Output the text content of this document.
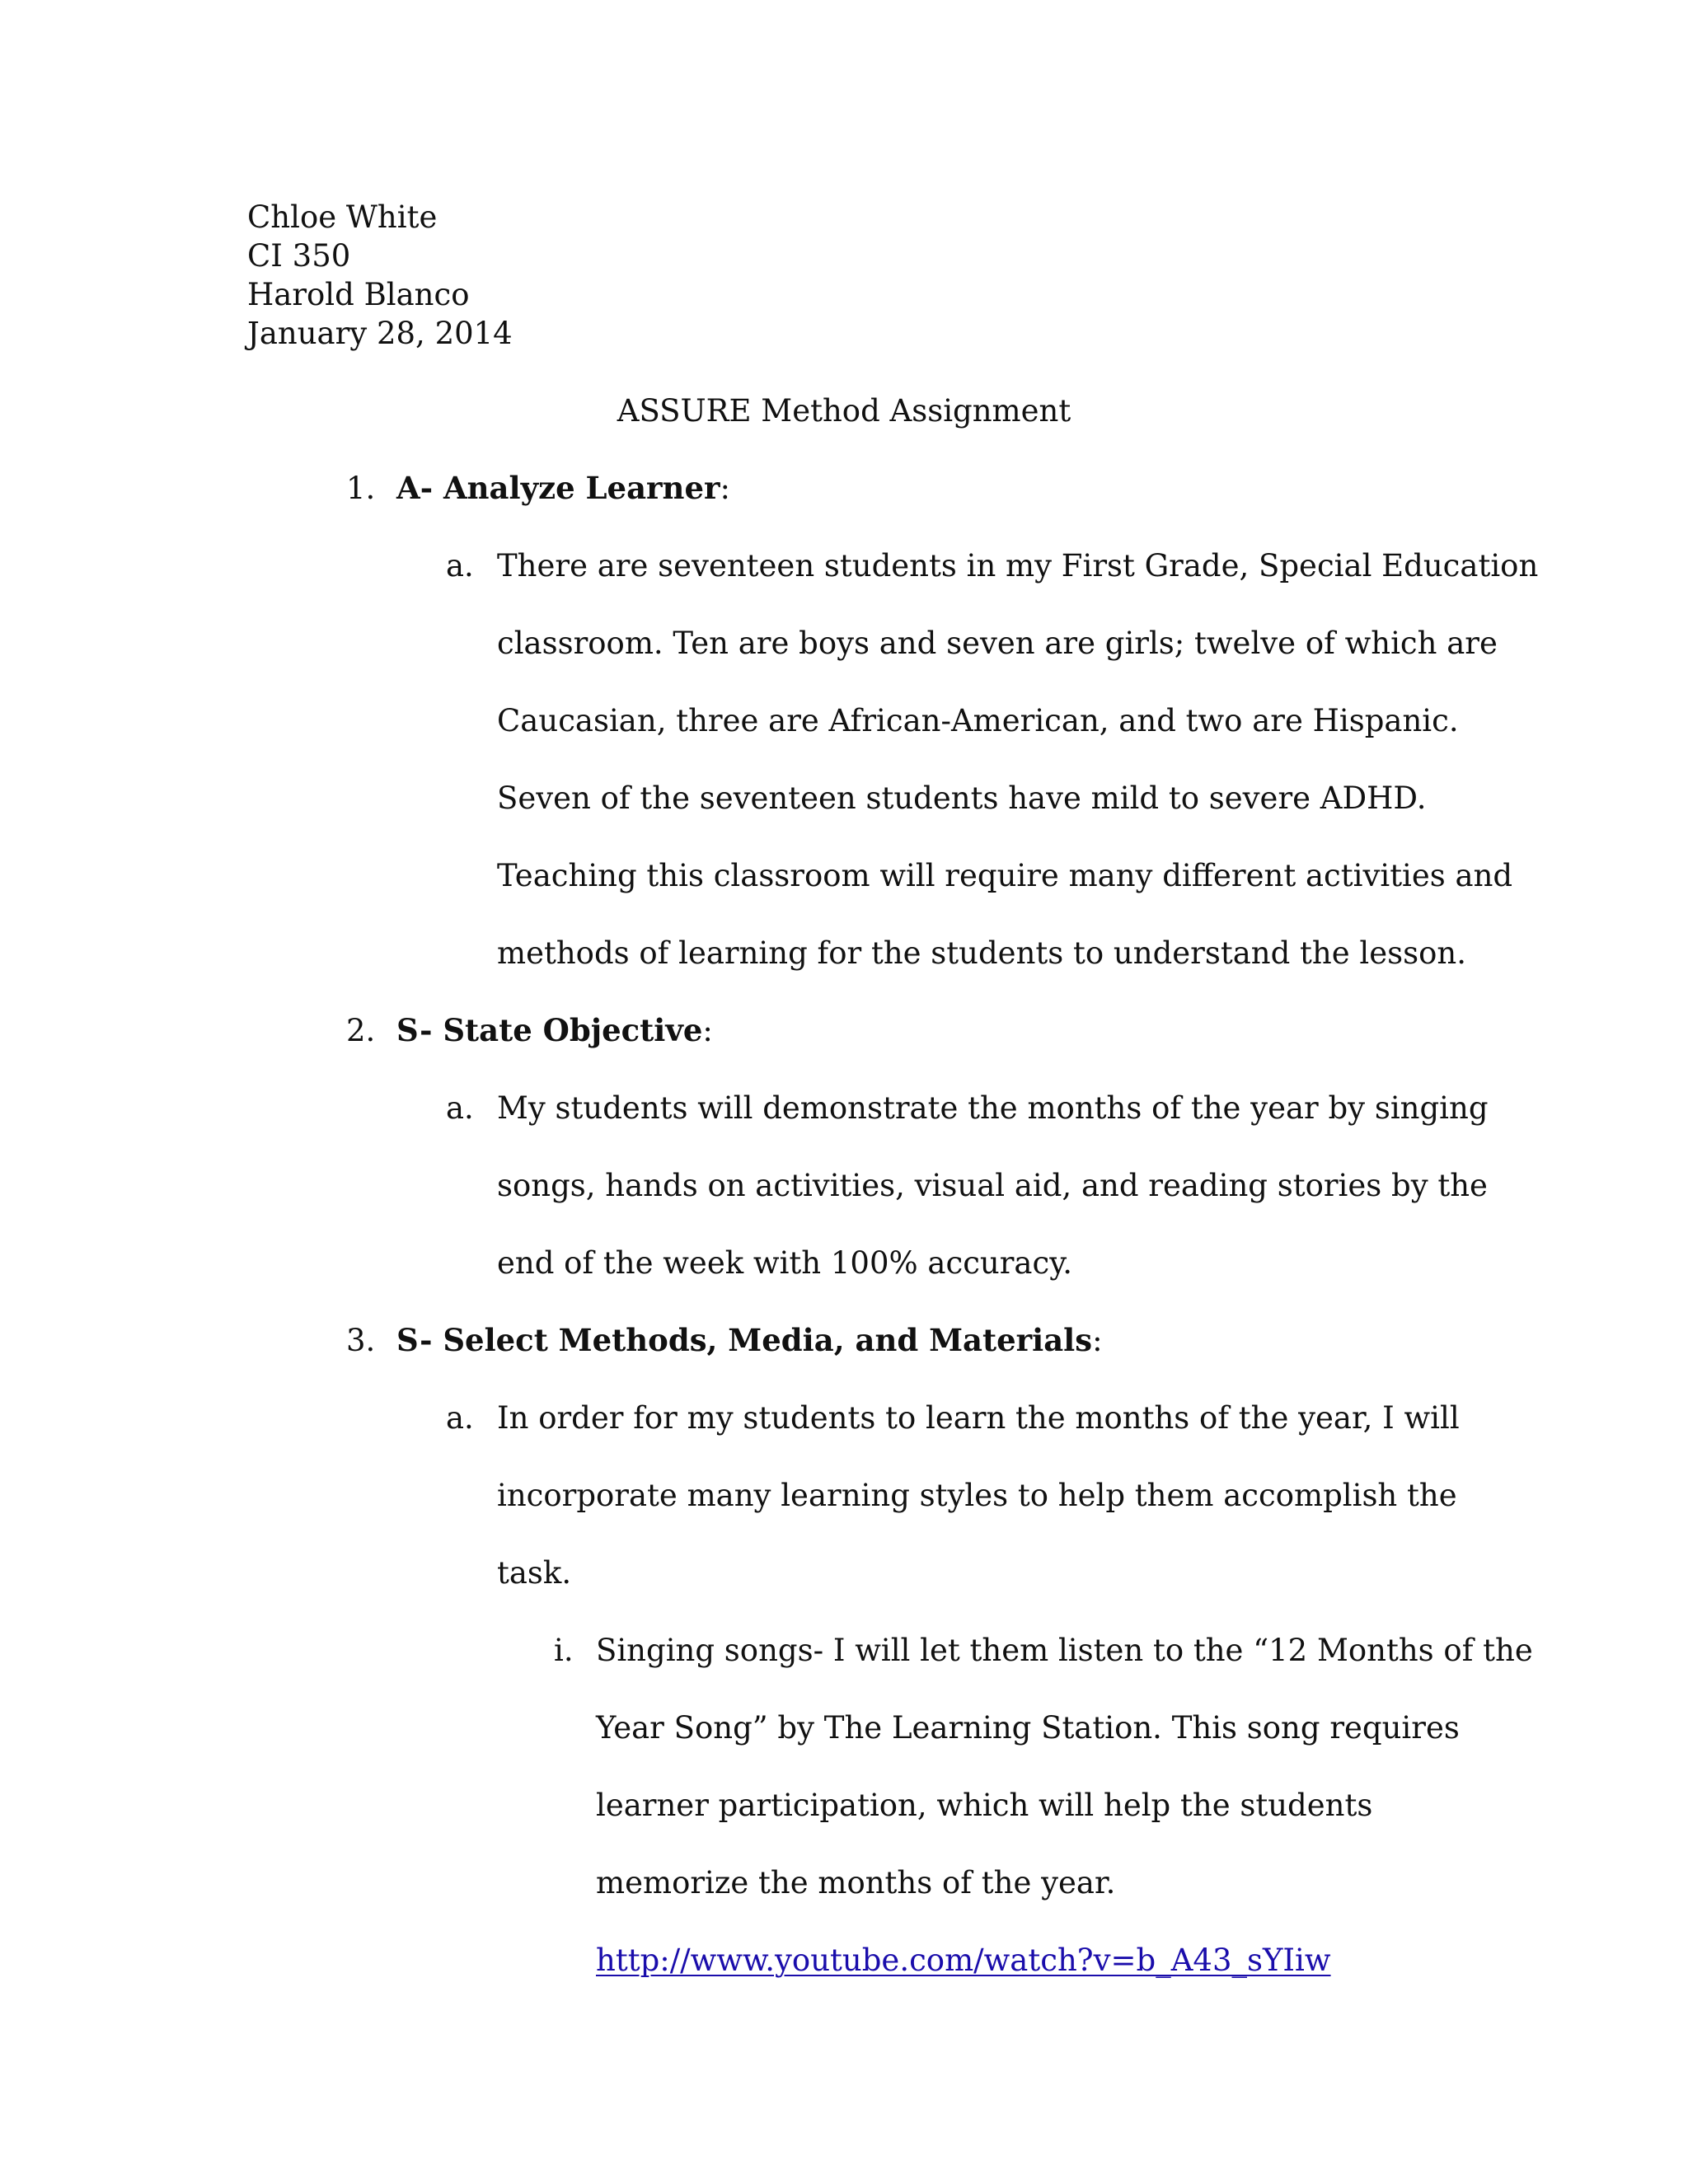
Chloe White
CI 350
Harold Blanco
January 28, 2014
ASSURE Method Assignment
1. A- Analyze Learner:
a. There are seventeen students in my First Grade, Special Education
classroom. Ten are boys and seven are girls; twelve of which are
Caucasian, three are African-American, and two are Hispanic.
Seven of the seventeen students have mild to severe ADHD.
Teaching this classroom will require many different activities and
methods of learning for the students to understand the lesson.
2. S- State Objective:
a. My students will demonstrate the months of the year by singing
songs, hands on activities, visual aid, and reading stories by the
end of the week with 100% accuracy.
3. S- Select Methods, Media, and Materials:
a. In order for my students to learn the months of the year, I will
incorporate many learning styles to help them accomplish the
task.
i. Singing songs- I will let them listen to the “12 Months of the
Year Song” by The Learning Station. This song requires
learner participation, which will help the students
memorize the months of the year.
http://www.youtube.com/watch?v=b_A43_sYIiw
